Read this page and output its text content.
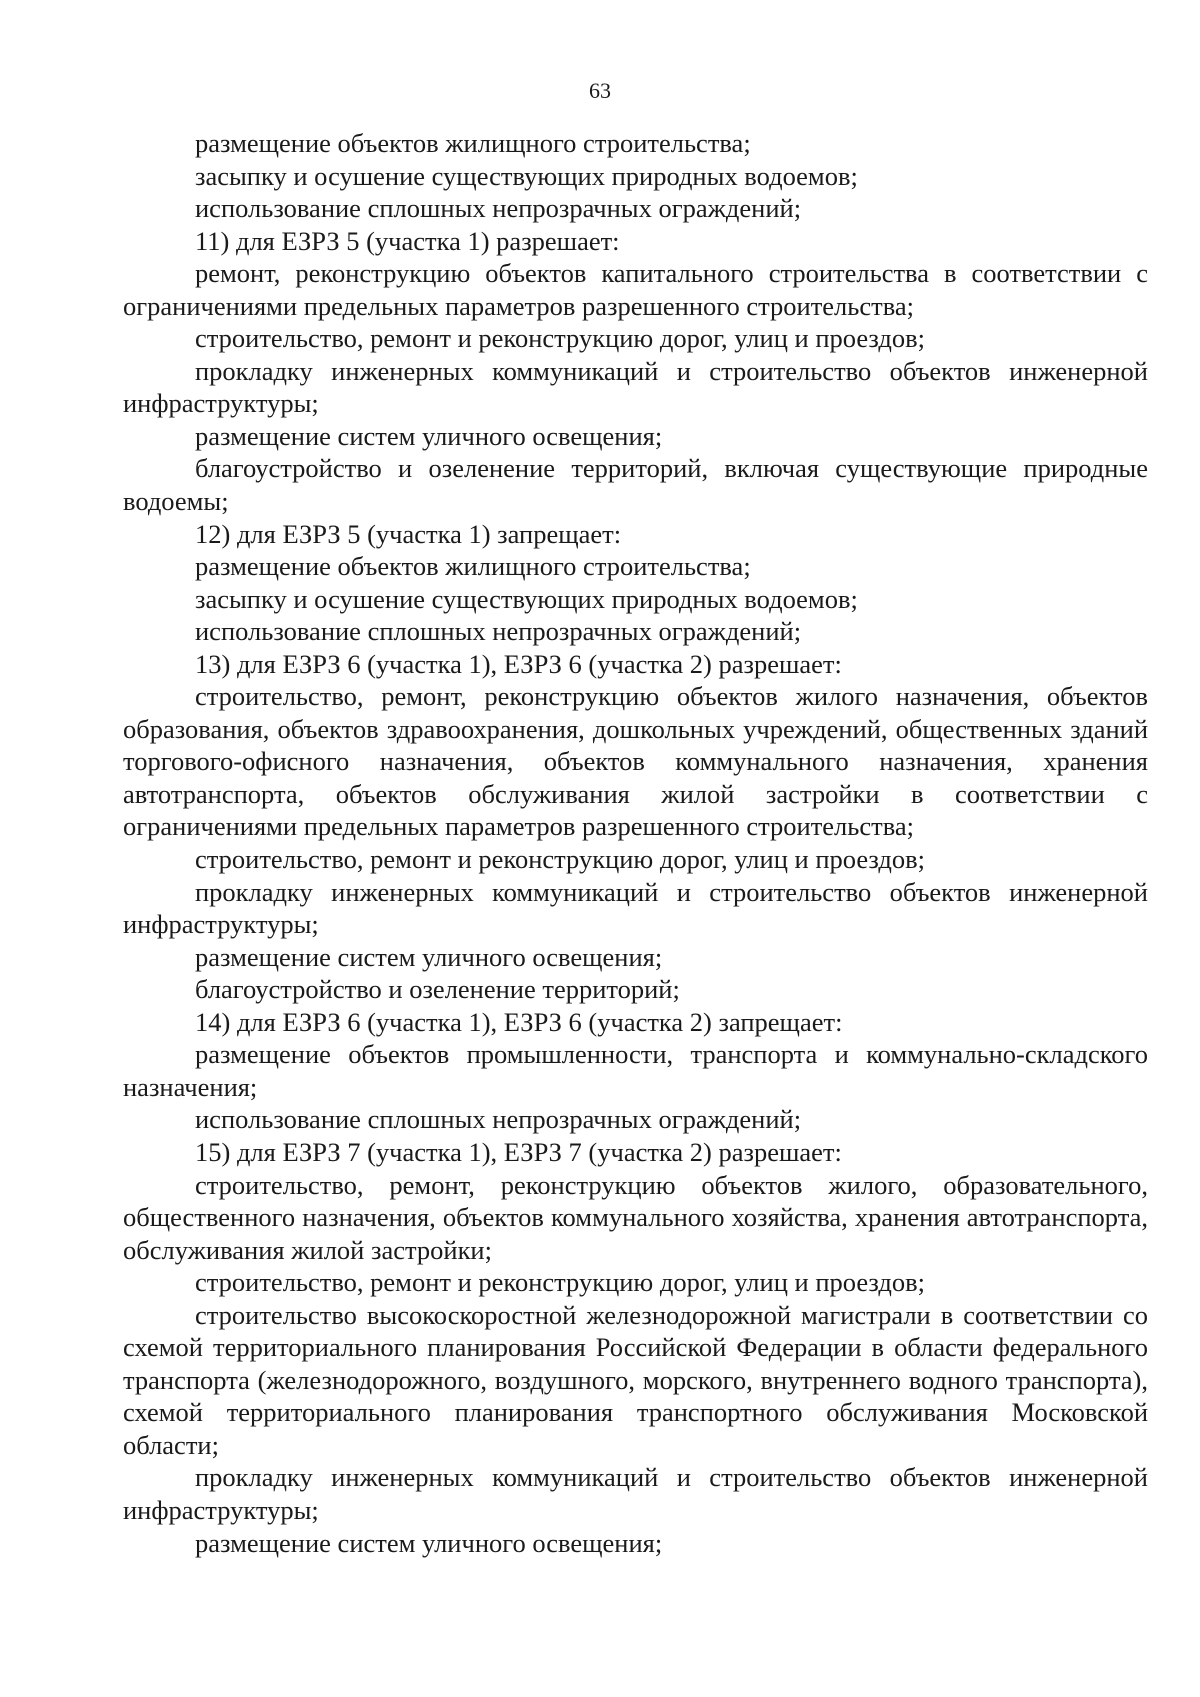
63

размещение объектов жилищного строительства;

засыпку и осушение существующих природных водоемов;

использование сплошных непрозрачных ограждений;

11) для ЕЗРЗ 5 (участка 1) разрешает:

ремонт, реконструкцию объектов капитального строительства в соответствии с ограничениями предельных параметров разрешенного строительства;

строительство, ремонт и реконструкцию дорог, улиц и проездов;

прокладку инженерных коммуникаций и строительство объектов инженерной инфраструктуры;

размещение систем уличного освещения;

благоустройство и озеленение территорий, включая существующие природные водоемы;

12) для ЕЗРЗ 5 (участка 1) запрещает:

размещение объектов жилищного строительства;

засыпку и осушение существующих природных водоемов;

использование сплошных непрозрачных ограждений;

13) для ЕЗРЗ 6 (участка 1), ЕЗРЗ 6 (участка 2) разрешает:

строительство, ремонт, реконструкцию объектов жилого назначения, объектов образования, объектов здравоохранения, дошкольных учреждений, общественных зданий торгового-офисного назначения, объектов коммунального назначения, хранения автотранспорта, объектов обслуживания жилой застройки в соответствии с ограничениями предельных параметров разрешенного строительства;

строительство, ремонт и реконструкцию дорог, улиц и проездов;

прокладку инженерных коммуникаций и строительство объектов инженерной инфраструктуры;

размещение систем уличного освещения;

благоустройство и озеленение территорий;

14) для ЕЗРЗ 6 (участка 1), ЕЗРЗ 6 (участка 2) запрещает:

размещение объектов промышленности, транспорта и коммунально-складского назначения;

использование сплошных непрозрачных ограждений;

15) для ЕЗРЗ 7 (участка 1), ЕЗРЗ 7 (участка 2) разрешает:

строительство, ремонт, реконструкцию объектов жилого, образовательного, общественного назначения, объектов коммунального хозяйства, хранения автотранспорта, обслуживания жилой застройки;

строительство, ремонт и реконструкцию дорог, улиц и проездов;

строительство высокоскоростной железнодорожной магистрали в соответствии со схемой территориального планирования Российской Федерации в области федерального транспорта (железнодорожного, воздушного, морского, внутреннего водного транспорта), схемой территориального планирования транспортного обслуживания Московской области;

прокладку инженерных коммуникаций и строительство объектов инженерной инфраструктуры;

размещение систем уличного освещения;
